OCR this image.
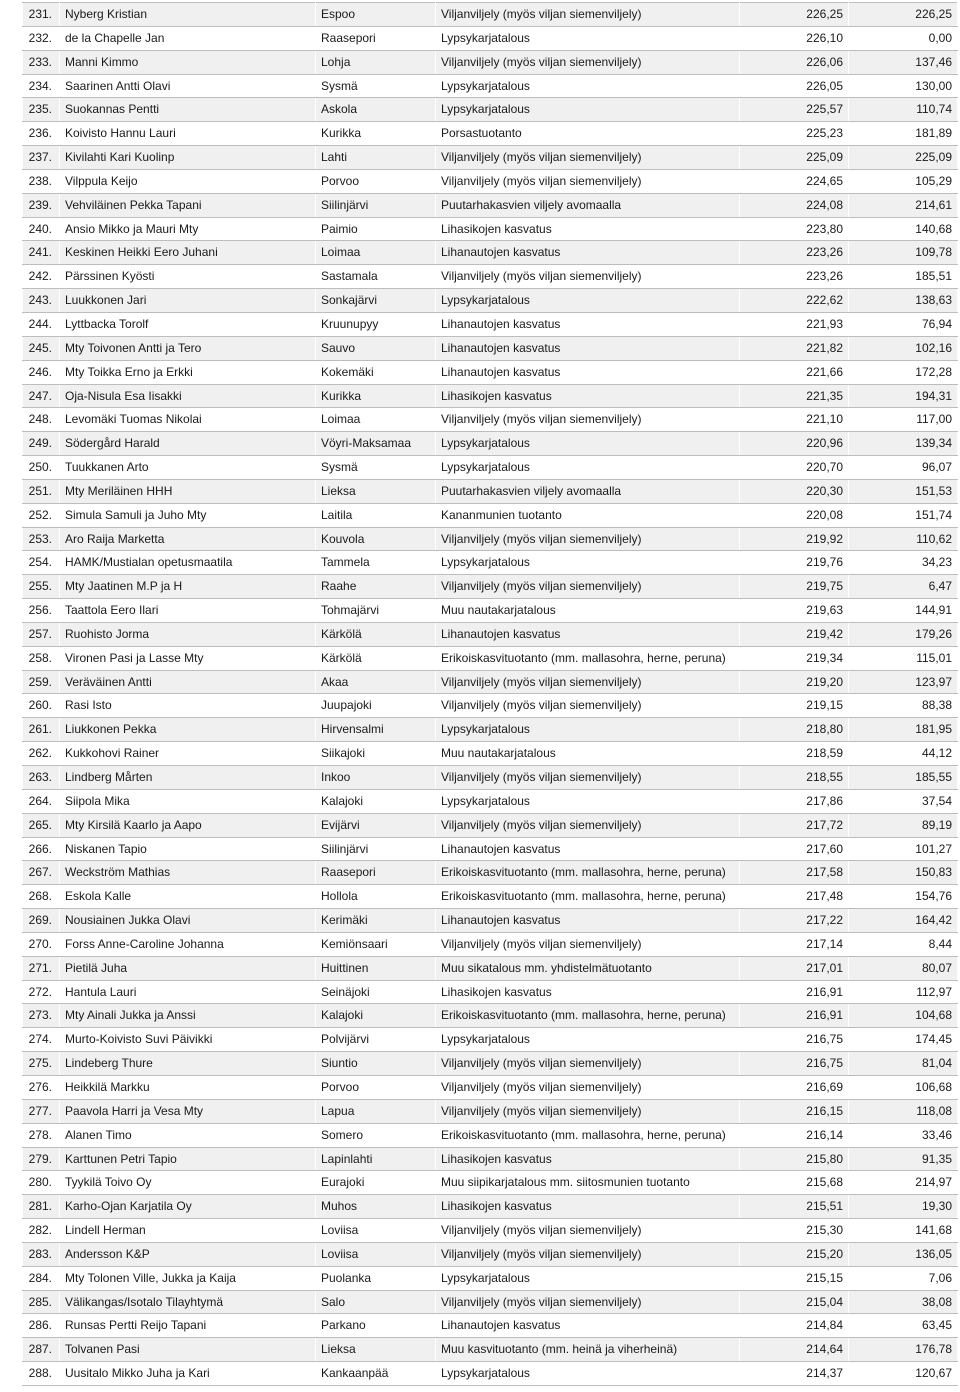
231.	Nyberg Kristian	Espoo	Viljanviljely (myös viljan siemenviljely)	226,25	226,25
232.	de la Chapelle Jan	Raasepori	Lypsykarjatalous	226,10	0,00
233.	Manni Kimmo	Lohja	Viljanviljely (myös viljan siemenviljely)	226,06	137,46
234.	Saarinen Antti Olavi	Sysmä	Lypsykarjatalous	226,05	130,00
235.	Suokannas Pentti	Askola	Lypsykarjatalous	225,57	110,74
236.	Koivisto Hannu Lauri	Kurikka	Porsastuotanto	225,23	181,89
237.	Kivilahti Kari Kuolinp	Lahti	Viljanviljely (myös viljan siemenviljely)	225,09	225,09
238.	Vilppula Keijo	Porvoo	Viljanviljely (myös viljan siemenviljely)	224,65	105,29
239.	Vehviläinen Pekka Tapani	Siilinjärvi	Puutarhakasvien viljely avomaalla	224,08	214,61
240.	Ansio Mikko ja Mauri Mty	Paimio	Lihasikojen kasvatus	223,80	140,68
241.	Keskinen Heikki Eero Juhani	Loimaa	Lihanautojen kasvatus	223,26	109,78
242.	Pärssinen Kyösti	Sastamala	Viljanviljely (myös viljan siemenviljely)	223,26	185,51
243.	Luukkonen Jari	Sonkajärvi	Lypsykarjatalous	222,62	138,63
244.	Lyttbacka Torolf	Kruunupyy	Lihanautojen kasvatus	221,93	76,94
245.	Mty Toivonen Antti ja Tero	Sauvo	Lihanautojen kasvatus	221,82	102,16
246.	Mty Toikka Erno ja Erkki	Kokemäki	Lihanautojen kasvatus	221,66	172,28
247.	Oja-Nisula Esa Iisakki	Kurikka	Lihasikojen kasvatus	221,35	194,31
248.	Levomäki Tuomas Nikolai	Loimaa	Viljanviljely (myös viljan siemenviljely)	221,10	117,00
249.	Södergård Harald	Vöyri-Maksamaa	Lypsykarjatalous	220,96	139,34
250.	Tuukkanen Arto	Sysmä	Lypsykarjatalous	220,70	96,07
251.	Mty Meriläinen HHH	Lieksa	Puutarhakasvien viljely avomaalla	220,30	151,53
252.	Simula Samuli ja Juho Mty	Laitila	Kananmunien tuotanto	220,08	151,74
253.	Aro Raija Marketta	Kouvola	Viljanviljely (myös viljan siemenviljely)	219,92	110,62
254.	HAMK/Mustialan opetusmaatila	Tammela	Lypsykarjatalous	219,76	34,23
255.	Mty Jaatinen M.P ja H	Raahe	Viljanviljely (myös viljan siemenviljely)	219,75	6,47
256.	Taattola Eero Ilari	Tohmajärvi	Muu nautakarjatalous	219,63	144,91
257.	Ruohisto Jorma	Kärkölä	Lihanautojen kasvatus	219,42	179,26
258.	Vironen Pasi ja Lasse Mty	Kärkölä	Erikoiskasvituotanto (mm. mallasohra, herne, peruna)	219,34	115,01
259.	Veräväinen Antti	Akaa	Viljanviljely (myös viljan siemenviljely)	219,20	123,97
260.	Rasi Isto	Juupajoki	Viljanviljely (myös viljan siemenviljely)	219,15	88,38
261.	Liukkonen Pekka	Hirvensalmi	Lypsykarjatalous	218,80	181,95
262.	Kukkohovi Rainer	Siikajoki	Muu nautakarjatalous	218,59	44,12
263.	Lindberg Mårten	Inkoo	Viljanviljely (myös viljan siemenviljely)	218,55	185,55
264.	Siipola Mika	Kalajoki	Lypsykarjatalous	217,86	37,54
265.	Mty Kirsilä Kaarlo ja Aapo	Evijärvi	Viljanviljely (myös viljan siemenviljely)	217,72	89,19
266.	Niskanen Tapio	Siilinjärvi	Lihanautojen kasvatus	217,60	101,27
267.	Weckström Mathias	Raasepori	Erikoiskasvituotanto (mm. mallasohra, herne, peruna)	217,58	150,83
268.	Eskola Kalle	Hollola	Erikoiskasvituotanto (mm. mallasohra, herne, peruna)	217,48	154,76
269.	Nousiainen Jukka Olavi	Kerimäki	Lihanautojen kasvatus	217,22	164,42
270.	Forss Anne-Caroline Johanna	Kemiönsaari	Viljanviljely (myös viljan siemenviljely)	217,14	8,44
271.	Pietilä Juha	Huittinen	Muu sikatalous mm. yhdistelmätuotanto	217,01	80,07
272.	Hantula Lauri	Seinäjoki	Lihasikojen kasvatus	216,91	112,97
273.	Mty Ainali Jukka ja Anssi	Kalajoki	Erikoiskasvituotanto (mm. mallasohra, herne, peruna)	216,91	104,68
274.	Murto-Koivisto Suvi Päivikki	Polvijärvi	Lypsykarjatalous	216,75	174,45
275.	Lindeberg Thure	Siuntio	Viljanviljely (myös viljan siemenviljely)	216,75	81,04
276.	Heikkilä Markku	Porvoo	Viljanviljely (myös viljan siemenviljely)	216,69	106,68
277.	Paavola Harri ja Vesa Mty	Lapua	Viljanviljely (myös viljan siemenviljely)	216,15	118,08
278.	Alanen Timo	Somero	Erikoiskasvituotanto (mm. mallasohra, herne, peruna)	216,14	33,46
279.	Karttunen Petri Tapio	Lapinlahti	Lihasikojen kasvatus	215,80	91,35
280.	Tyykilä Toivo Oy	Eurajoki	Muu siipikarjatalous mm. siitosmunien tuotanto	215,68	214,97
281.	Karho-Ojan Karjatila Oy	Muhos	Lihasikojen kasvatus	215,51	19,30
282.	Lindell Herman	Loviisa	Viljanviljely (myös viljan siemenviljely)	215,30	141,68
283.	Andersson K&P	Loviisa	Viljanviljely (myös viljan siemenviljely)	215,20	136,05
284.	Mty Tolonen Ville, Jukka ja Kaija	Puolanka	Lypsykarjatalous	215,15	7,06
285.	Välikangas/Isotalo Tilayhtymä	Salo	Viljanviljely (myös viljan siemenviljely)	215,04	38,08
286.	Runsas Pertti Reijo Tapani	Parkano	Lihanautojen kasvatus	214,84	63,45
287.	Tolvanen Pasi	Lieksa	Muu kasvituotanto (mm. heinä ja viherheinä)	214,64	176,78
288.	Uusitalo Mikko Juha ja Kari	Kankaanpää	Lypsykarjatalous	214,37	120,67
